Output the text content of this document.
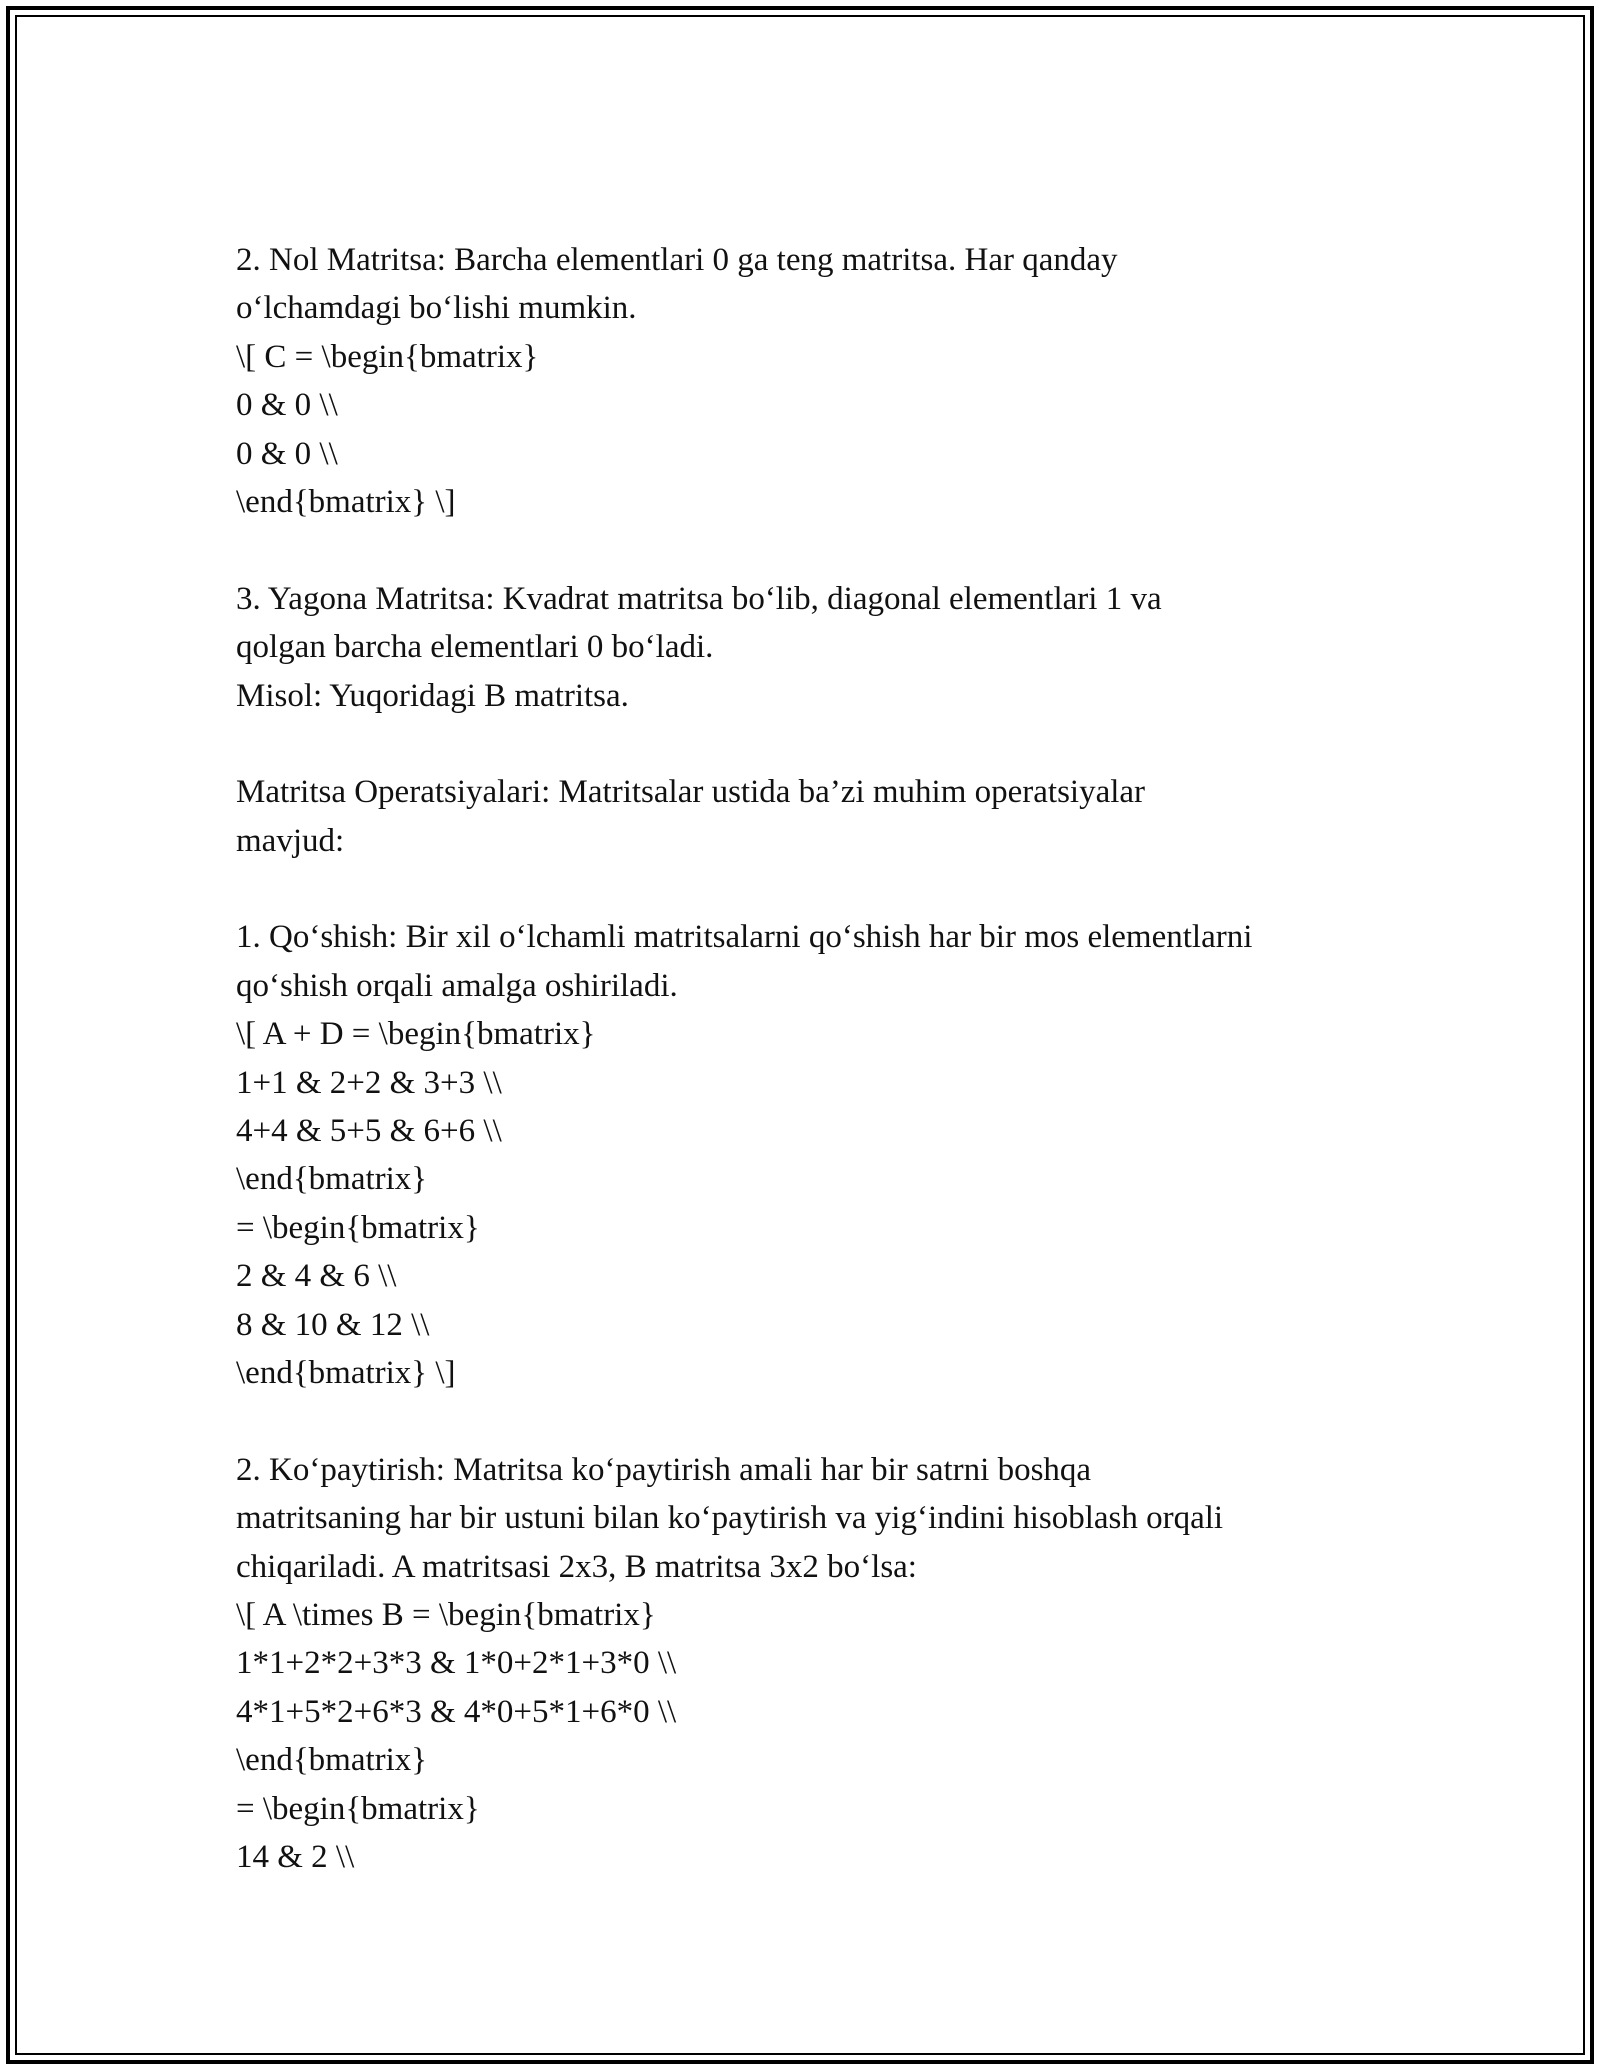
2. Nol Matritsa: Barcha elementlari 0 ga teng matritsa. Har qanday
o‘lchamdagi bo‘lishi mumkin.
\[ C = \begin{bmatrix}
0 & 0 \\
0 & 0 \\
\end{bmatrix} \]
3. Yagona Matritsa: Kvadrat matritsa bo‘lib, diagonal elementlari 1 va
qolgan barcha elementlari 0 bo‘ladi.
Misol: Yuqoridagi B matritsa.
Matritsa Operatsiyalari: Matritsalar ustida ba’zi muhim operatsiyalar
mavjud:
1. Qo‘shish: Bir xil o‘lchamli matritsalarni qo‘shish har bir mos elementlarni
qo‘shish orqali amalga oshiriladi.
\[ A + D = \begin{bmatrix}
1+1 & 2+2 & 3+3 \\
4+4 & 5+5 & 6+6 \\
\end{bmatrix}
= \begin{bmatrix}
2 & 4 & 6 \\
8 & 10 & 12 \\
\end{bmatrix} \]
2. Ko‘paytirish: Matritsa ko‘paytirish amali har bir satrni boshqa
matritsaning har bir ustuni bilan ko‘paytirish va yig‘indini hisoblash orqali
chiqariladi. A matritsasi 2x3, B matritsa 3x2 bo‘lsa:
\[ A \times B = \begin{bmatrix}
1*1+2*2+3*3 & 1*0+2*1+3*0 \\
4*1+5*2+6*3 & 4*0+5*1+6*0 \\
\end{bmatrix}
= \begin{bmatrix}
14 & 2 \\
